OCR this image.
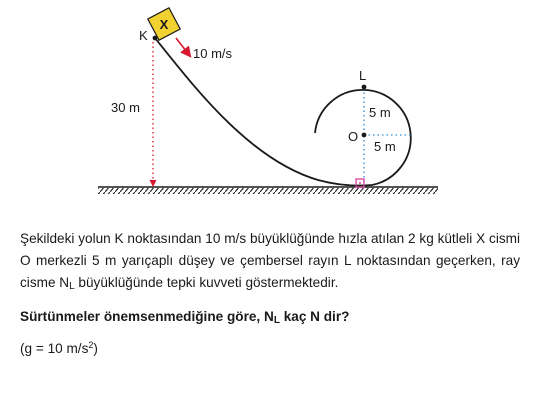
X
K
10 m/s
30 m
L
O
5 m
5 m

Şekildeki yolun K noktasından 10 m/s büyüklüğünde hızla atılan 2 kg kütleli X cismi O merkezli 5 m yarıçaplı düşey ve çembersel rayın L noktasından geçerken, ray cisme $N_L$ büyüklüğünde tepki kuvveti göstermektedir.

Sürtünmeler önemsenmediğine göre, $N_L$ kaç N dir?

(g = 10 $m/s^2$)
